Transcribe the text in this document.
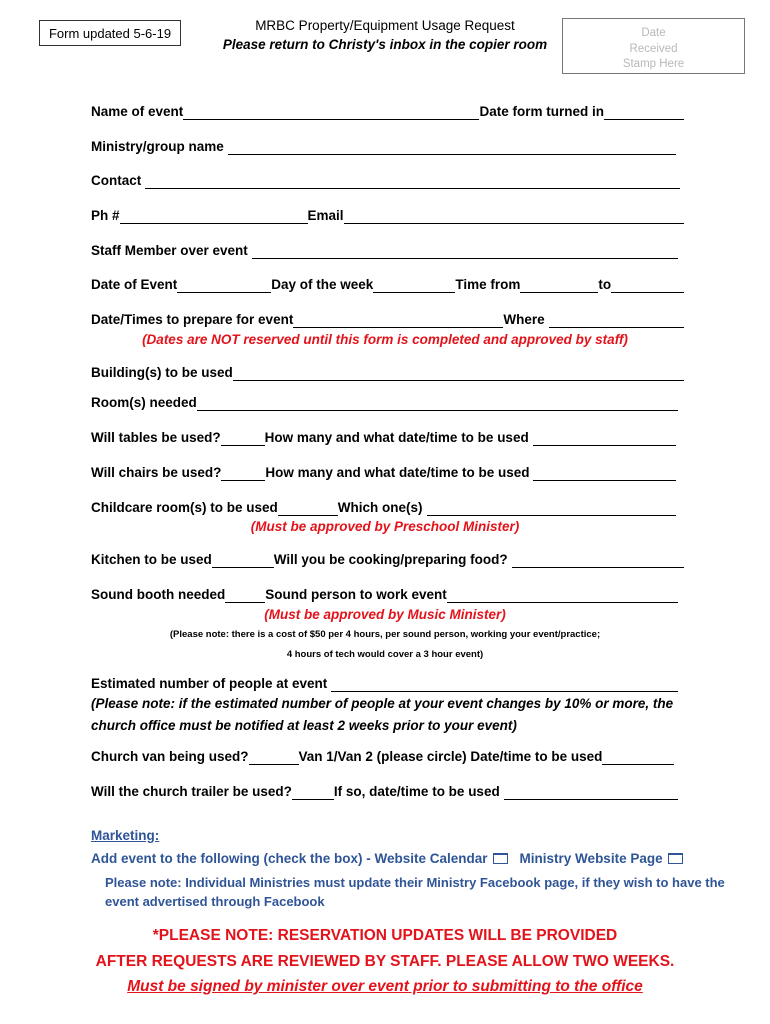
Form updated 5-6-19
MRBC Property/Equipment Usage Request
Please return to Christy's inbox in the copier room
Date
Received
Stamp Here
Name of event	Date form turned in
Ministry/group name
Contact
Ph #	Email
Staff Member over event
Date of Event	Day of the week	Time from	to
Date/Times to prepare for event	Where
(Dates are NOT reserved until this form is completed and approved by staff)
Building(s) to be used
Room(s) needed
Will tables be used?	How many and what date/time to be used
Will chairs be used?	How many and what date/time to be used
Childcare room(s) to be used	Which one(s)
(Must be approved by Preschool Minister)
Kitchen to be used	Will you be cooking/preparing food?
Sound booth needed	Sound person to work event
(Must be approved by Music Minister)
(Please note: there is a cost of $50 per 4 hours, per sound person, working your event/practice;
4 hours of tech would cover a 3 hour event)
Estimated number of people at event
(Please note: if the estimated number of people at your event changes by 10% or more, the
church office must be notified at least 2 weeks prior to your event)
Church van being used?	Van 1/Van 2 (please circle) Date/time to be used
Will the church trailer be used?	If so, date/time to be used
Marketing:
Add event to the following (check the box) - Website Calendar Ministry Website Page
Please note: Individual Ministries must update their Ministry Facebook page, if they wish to have the event advertised through Facebook
*PLEASE NOTE: RESERVATION UPDATES WILL BE PROVIDED
AFTER REQUESTS ARE REVIEWED BY STAFF. PLEASE ALLOW TWO WEEKS.
Must be signed by minister over event prior to submitting to the office
